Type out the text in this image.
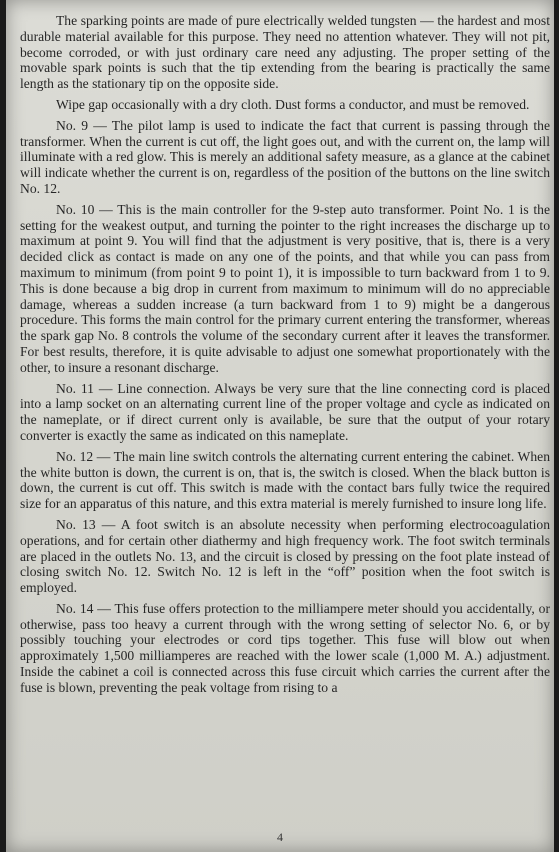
The sparking points are made of pure electrically welded tungsten — the hardest and most durable material available for this purpose. They need no attention whatever. They will not pit, become corroded, or with just ordinary care need any adjusting. The proper setting of the movable spark points is such that the tip extending from the bearing is practically the same length as the stationary tip on the opposite side.

Wipe gap occasionally with a dry cloth. Dust forms a conductor, and must be removed.

No. 9 — The pilot lamp is used to indicate the fact that current is passing through the transformer. When the current is cut off, the light goes out, and with the current on, the lamp will illuminate with a red glow. This is merely an additional safety measure, as a glance at the cabinet will indicate whether the current is on, regardless of the position of the buttons on the line switch No. 12.

No. 10 — This is the main controller for the 9-step auto transformer. Point No. 1 is the setting for the weakest output, and turning the pointer to the right increases the discharge up to maximum at point 9. You will find that the adjustment is very positive, that is, there is a very decided click as contact is made on any one of the points, and that while you can pass from maximum to minimum (from point 9 to point 1), it is impossible to turn backward from 1 to 9. This is done because a big drop in current from maximum to minimum will do no appreciable damage, whereas a sudden increase (a turn backward from 1 to 9) might be a dangerous procedure. This forms the main control for the primary current entering the transformer, whereas the spark gap No. 8 controls the volume of the secondary current after it leaves the transformer. For best results, therefore, it is quite advisable to adjust one somewhat proportionately with the other, to insure a resonant discharge.

No. 11 — Line connection. Always be very sure that the line connecting cord is placed into a lamp socket on an alternating current line of the proper voltage and cycle as indicated on the nameplate, or if direct current only is available, be sure that the output of your rotary converter is exactly the same as indicated on this nameplate.

No. 12 — The main line switch controls the alternating current entering the cabinet. When the white button is down, the current is on, that is, the switch is closed. When the black button is down, the current is cut off. This switch is made with the contact bars fully twice the required size for an apparatus of this nature, and this extra material is merely furnished to insure long life.

No. 13 — A foot switch is an absolute necessity when performing electrocoagulation operations, and for certain other diathermy and high frequency work. The foot switch terminals are placed in the outlets No. 13, and the circuit is closed by pressing on the foot plate instead of closing switch No. 12. Switch No. 12 is left in the “off” position when the foot switch is employed.

No. 14 — This fuse offers protection to the milliampere meter should you accidentally, or otherwise, pass too heavy a current through with the wrong setting of selector No. 6, or by possibly touching your electrodes or cord tips together. This fuse will blow out when approximately 1,500 milliamperes are reached with the lower scale (1,000 M. A.) adjustment. Inside the cabinet a coil is connected across this fuse circuit which carries the current after the fuse is blown, preventing the peak voltage from rising to a

4
